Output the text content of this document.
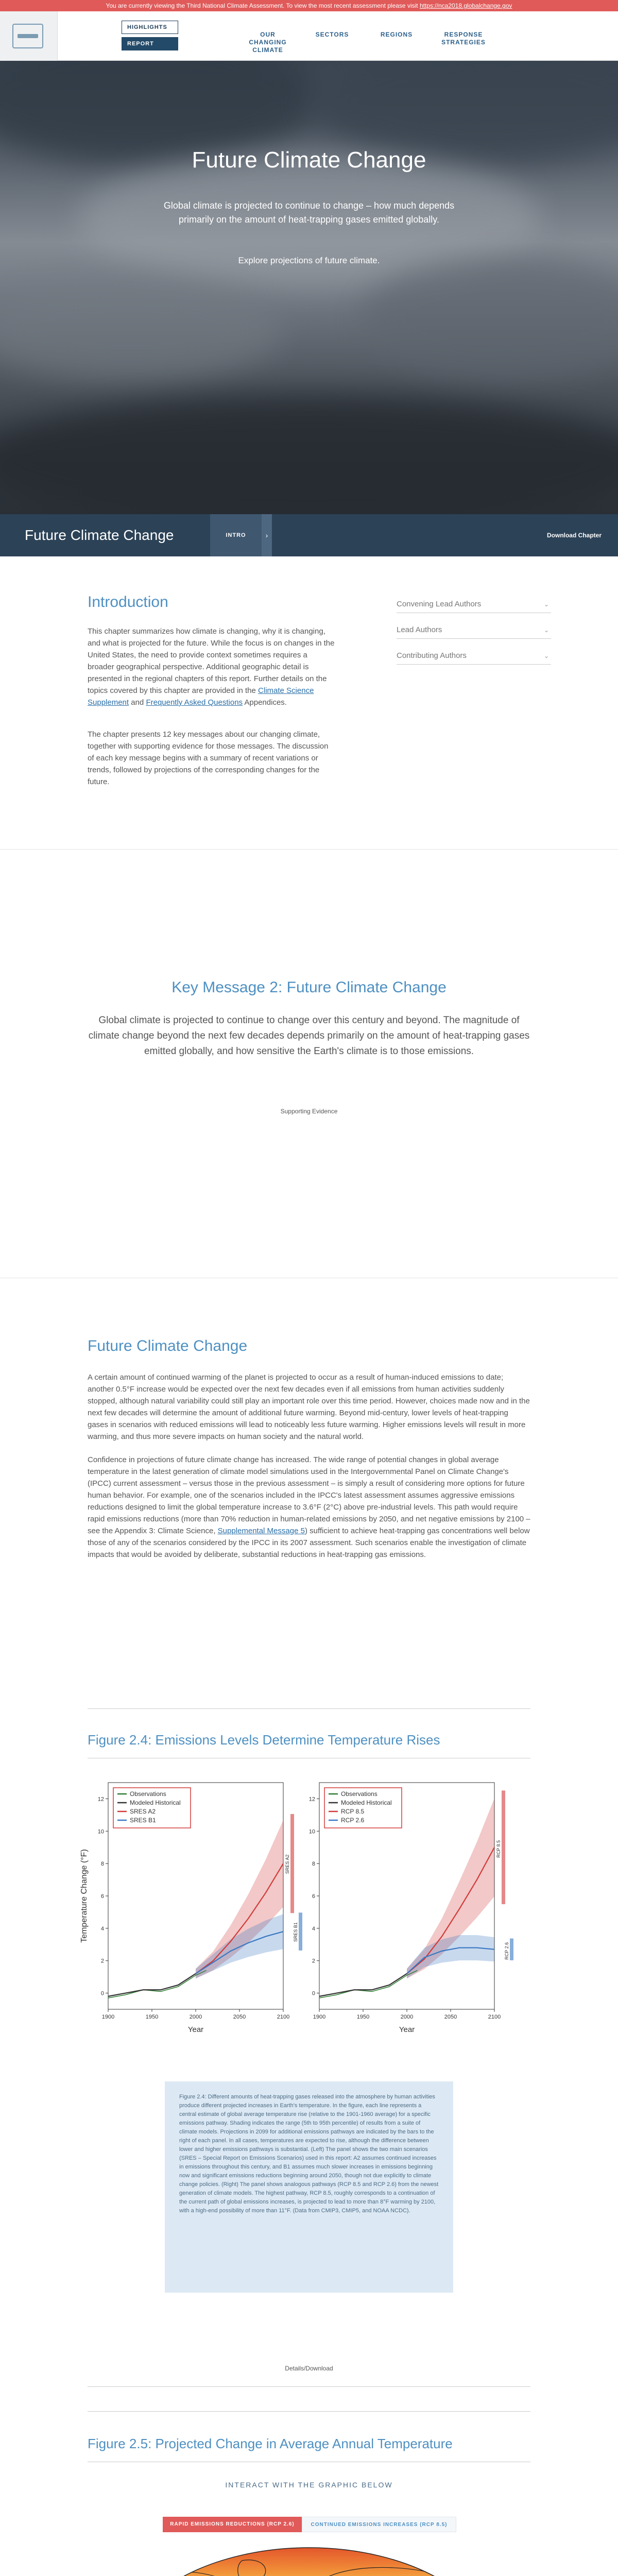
You are currently viewing the Third National Climate Assessment. To view the most recent assessment please visit https://nca2018.globalchange.gov
HIGHLIGHTS
REPORT
OUR CHANGING CLIMATE
SECTORS	REGIONS	RESPONSE STRATEGIES
Future Climate Change
Global climate is projected to continue to change – how much depends primarily on the amount of heat-trapping gases emitted globally.
Explore projections of future climate.
Future Climate Change	INTRO	›	Download Chapter
Introduction
This chapter summarizes how climate is changing, why it is changing, and what is projected for the future. While the focus is on changes in the United States, the need to provide context sometimes requires a broader geographical perspective. Additional geographic detail is presented in the regional chapters of this report. Further details on the topics covered by this chapter are provided in the Climate Science Supplement and Frequently Asked Questions Appendices.
The chapter presents 12 key messages about our changing climate, together with supporting evidence for those messages. The discussion of each key message begins with a summary of recent variations or trends, followed by projections of the corresponding changes for the future.
Convening Lead Authors	⌄
Lead Authors	⌄
Contributing Authors	⌄
Key Message 2: Future Climate Change
Global climate is projected to continue to change over this century and beyond. The magnitude of climate change beyond the next few decades depends primarily on the amount of heat-trapping gases emitted globally, and how sensitive the Earth's climate is to those emissions.
Supporting Evidence
Future Climate Change
A certain amount of continued warming of the planet is projected to occur as a result of human-induced emissions to date; another 0.5°F increase would be expected over the next few decades even if all emissions from human activities suddenly stopped, although natural variability could still play an important role over this time period. However, choices made now and in the next few decades will determine the amount of additional future warming. Beyond mid-century, lower levels of heat-trapping gases in scenarios with reduced emissions will lead to noticeably less future warming. Higher emissions levels will result in more warming, and thus more severe impacts on human society and the natural world.
Confidence in projections of future climate change has increased. The wide range of potential changes in global average temperature in the latest generation of climate model simulations used in the Intergovernmental Panel on Climate Change's (IPCC) current assessment – versus those in the previous assessment – is simply a result of considering more options for future human behavior. For example, one of the scenarios included in the IPCC's latest assessment assumes aggressive emissions reductions designed to limit the global temperature increase to 3.6°F (2°C) above pre-industrial levels. This path would require rapid emissions reductions (more than 70% reduction in human-related emissions by 2050, and net negative emissions by 2100 – see the Appendix 3: Climate Science, Supplemental Message 5) sufficient to achieve heat-trapping gas concentrations well below those of any of the scenarios considered by the IPCC in its 2007 assessment. Such scenarios enable the investigation of climate impacts that would be avoided by deliberate, substantial reductions in heat-trapping gas emissions.
Figure 2.4: Emissions Levels Determine Temperature Rises
Temperature Change (°F)
0
2
4
6
8
10
12
1900	1950	2000	2050	2100
Year
SRES A2
SRES B1
Observations
Modeled Historical
SRES A2
SRES B1
0
2
4
6
8
10
12
1900	1950	2000	2050	2100
Year
RCP 8.5
RCP 2.6
Observations
Modeled Historical
RCP 8.5
RCP 2.6
Figure 2.4: Different amounts of heat-trapping gases released into the atmosphere by human activities produce different projected increases in Earth's temperature. In the figure, each line represents a central estimate of global average temperature rise (relative to the 1901-1960 average) for a specific emissions pathway. Shading indicates the range (5th to 95th percentile) of results from a suite of climate models. Projections in 2099 for additional emissions pathways are indicated by the bars to the right of each panel. In all cases, temperatures are expected to rise, although the difference between lower and higher emissions pathways is substantial. (Left) The panel shows the two main scenarios (SRES – Special Report on Emissions Scenarios) used in this report: A2 assumes continued increases in emissions throughout this century, and B1 assumes much slower increases in emissions beginning now and significant emissions reductions beginning around 2050, though not due explicitly to climate change policies. (Right) The panel shows analogous pathways (RCP 8.5 and RCP 2.6) from the newest generation of climate models. The highest pathway, RCP 8.5, roughly corresponds to a continuation of the current path of global emissions increases, is projected to lead to more than 8°F warming by 2100, with a high-end possibility of more than 11°F. (Data from CMIP3, CMIP5, and NOAA NCDC).
Details/Download
Figure 2.5: Projected Change in Average Annual Temperature
INTERACT WITH THE GRAPHIC BELOW
RAPID EMISSIONS REDUCTIONS (RCP 2.6)	CONTINUED EMISSIONS INCREASES (RCP 8.5)
